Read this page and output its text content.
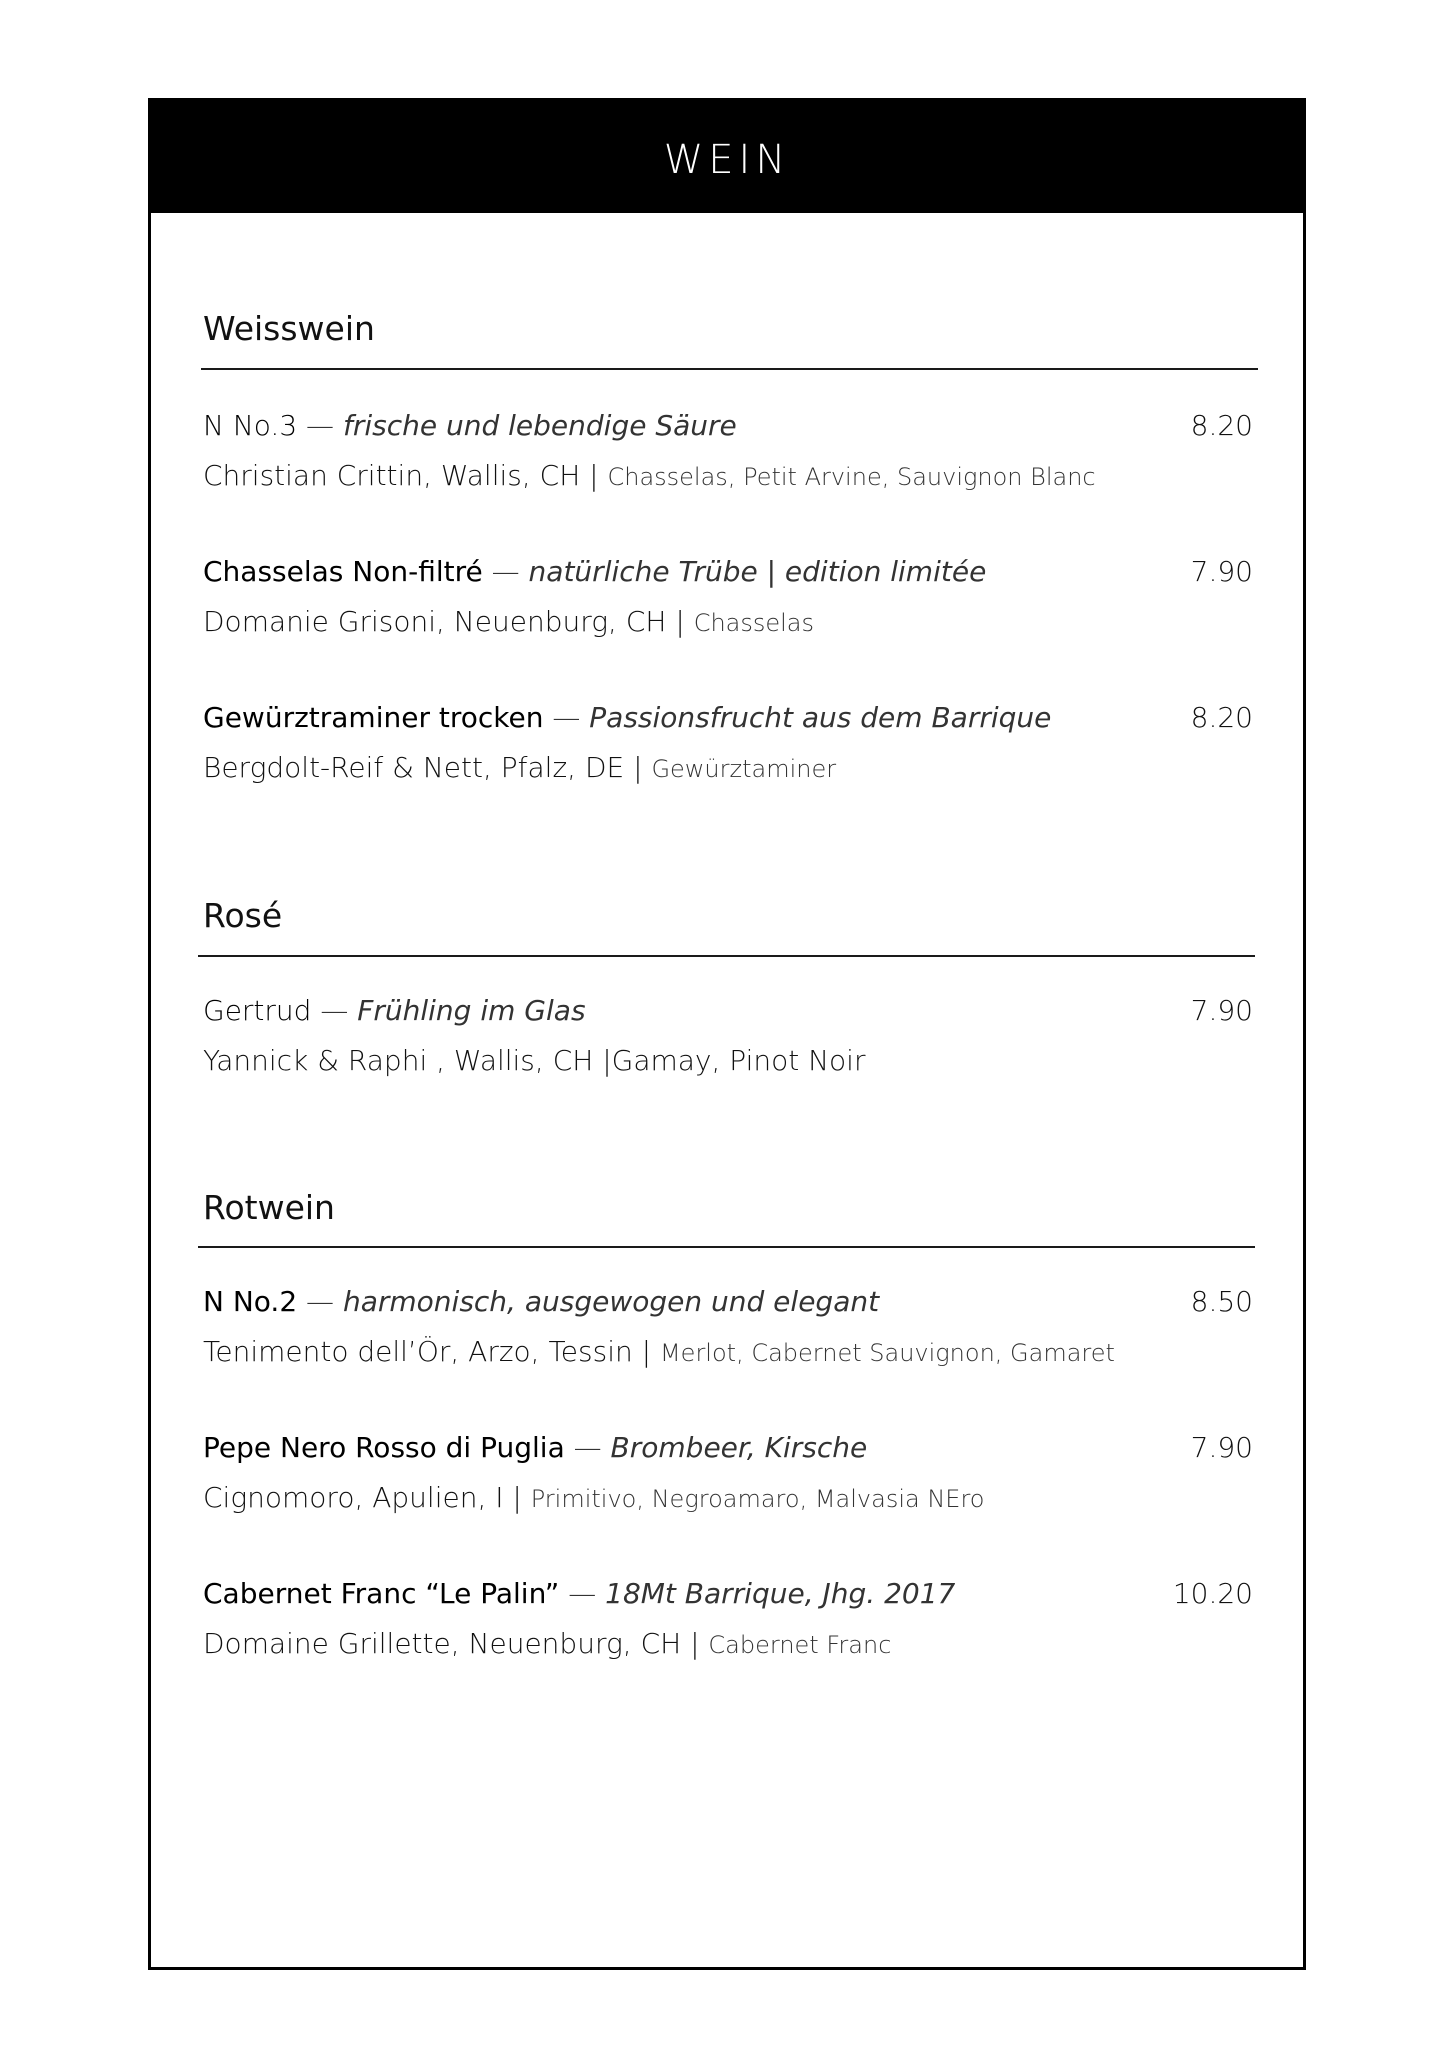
WEIN
Weisswein
N No.3 — frische und lebendige Säure	8.20
Christian Crittin, Wallis, CH | Chasselas, Petit Arvine, Sauvignon Blanc
Chasselas Non-filtré — natürliche Trübe | edition limitée	7.90
Domanie Grisoni, Neuenburg, CH | Chasselas
Gewürztraminer trocken — Passionsfrucht aus dem Barrique	8.20
Bergdolt-Reif & Nett, Pfalz, DE | Gewürztaminer
Rosé
Gertrud — Frühling im Glas	7.90
Yannick & Raphi , Wallis, CH |Gamay, Pinot Noir
Rotwein
N No.2 — harmonisch, ausgewogen und elegant	8.50
Tenimento dell’Ör, Arzo, Tessin | Merlot, Cabernet Sauvignon, Gamaret
Pepe Nero Rosso di Puglia — Brombeer, Kirsche	7.90
Cignomoro, Apulien, I | Primitivo, Negroamaro, Malvasia NEro
Cabernet Franc “Le Palin” — 18Mt Barrique, Jhg. 2017	10.20
Domaine Grillette, Neuenburg, CH | Cabernet Franc
